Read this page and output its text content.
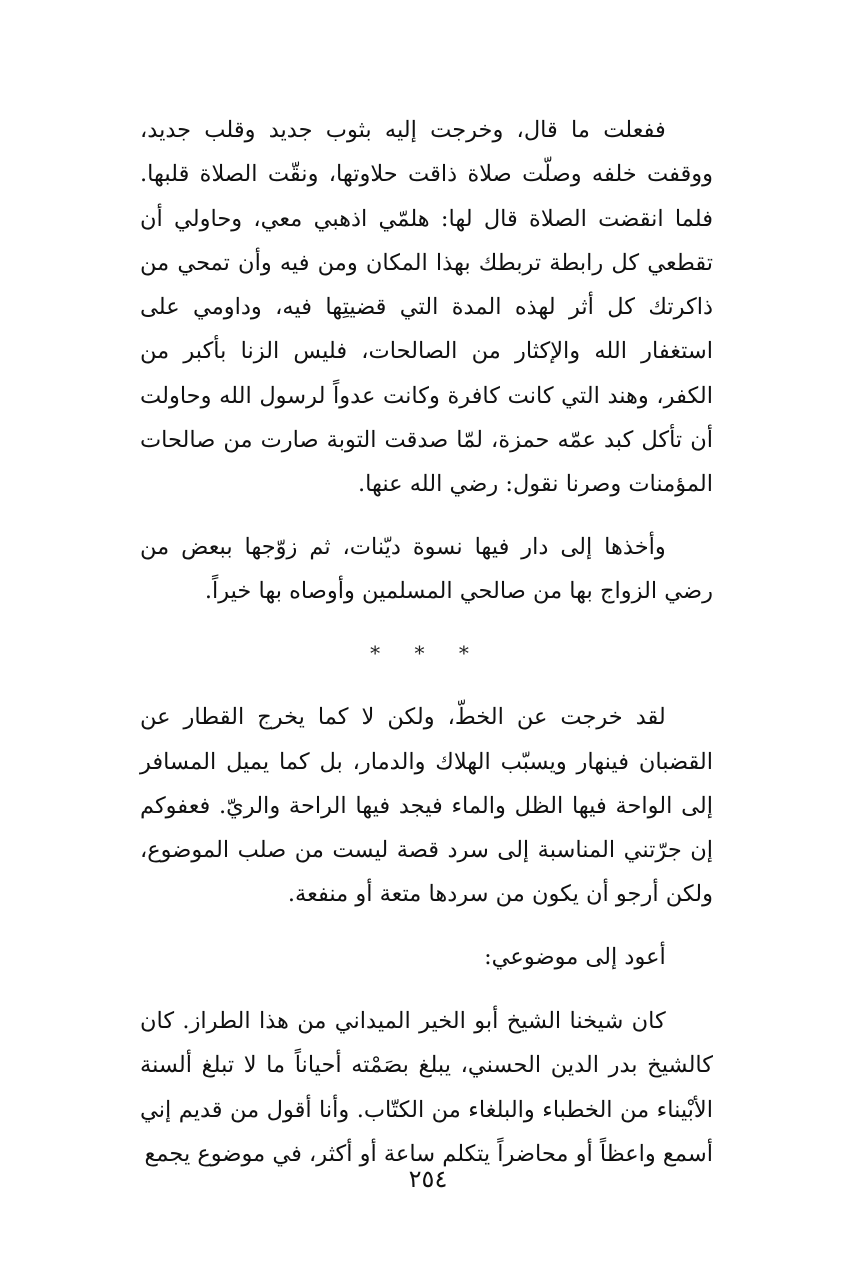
ففعلت ما قال، وخرجت إليه بثوب جديد وقلب جديد، ووقفت خلفه وصلّت صلاة ذاقت حلاوتها، ونقّت الصلاة قلبها. فلما انقضت الصلاة قال لها: هلمّي اذهبي معي، وحاولي أن تقطعي كل رابطة تربطك بهذا المكان ومن فيه وأن تمحي من ذاكرتك كل أثر لهذه المدة التي قضيتِها فيه، وداومي على استغفار الله والإكثار من الصالحات، فليس الزنا بأكبر من الكفر، وهند التي كانت كافرة وكانت عدواً لرسول الله وحاولت أن تأكل كبد عمّه حمزة، لمّا صدقت التوبة صارت من صالحات المؤمنات وصرنا نقول: رضي الله عنها.

وأخذها إلى دار فيها نسوة ديّنات، ثم زوّجها ببعض من رضي الزواج بها من صالحي المسلمين وأوصاه بها خيراً.

* * *

لقد خرجت عن الخطّ، ولكن لا كما يخرج القطار عن القضبان فينهار ويسبّب الهلاك والدمار، بل كما يميل المسافر إلى الواحة فيها الظل والماء فيجد فيها الراحة والريّ. فعفوكم إن جرّتني المناسبة إلى سرد قصة ليست من صلب الموضوع، ولكن أرجو أن يكون من سردها متعة أو منفعة.

أعود إلى موضوعي:

كان شيخنا الشيخ أبو الخير الميداني من هذا الطراز. كان كالشيخ بدر الدين الحسني، يبلغ بصَمْته أحياناً ما لا تبلغ ألسنة الأبْيناء من الخطباء والبلغاء من الكتّاب. وأنا أقول من قديم إني أسمع واعظاً أو محاضراً يتكلم ساعة أو أكثر، في موضوع يجمع

٢٥٤
